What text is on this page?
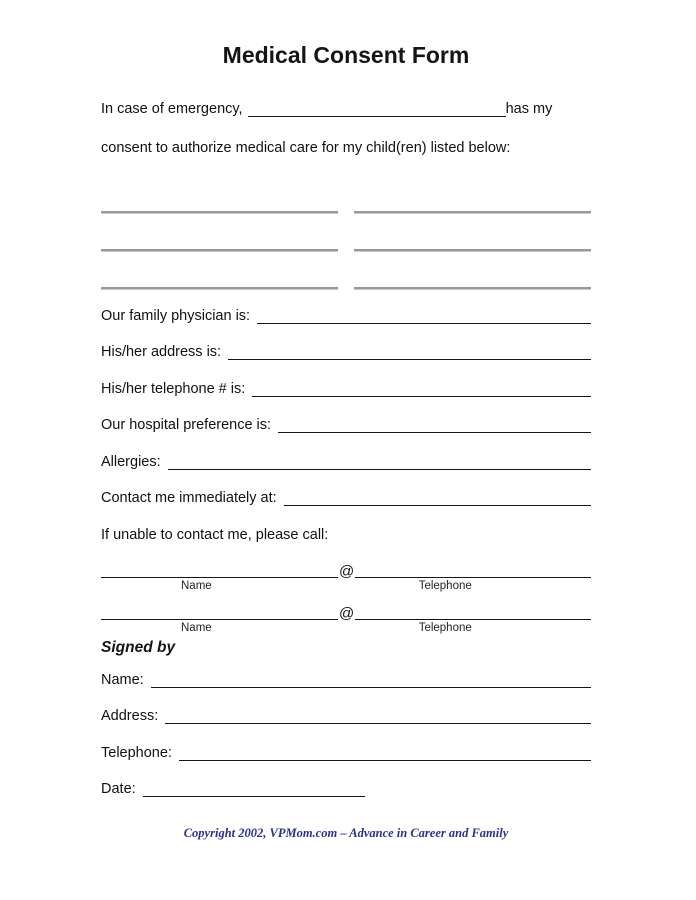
Medical Consent Form
In case of emergency,	has my
consent to authorize medical care for my child(ren) listed below:
Our family physician is:
His/her address is:
His/her telephone # is:
Our hospital preference is:
Allergies:
Contact me immediately at:
If unable to contact me, please call:
@
Name	Telephone
@
Name	Telephone
Signed by
Name:
Address:
Telephone:
Date:
Copyright 2002, VPMom.com – Advance in Career and Family
